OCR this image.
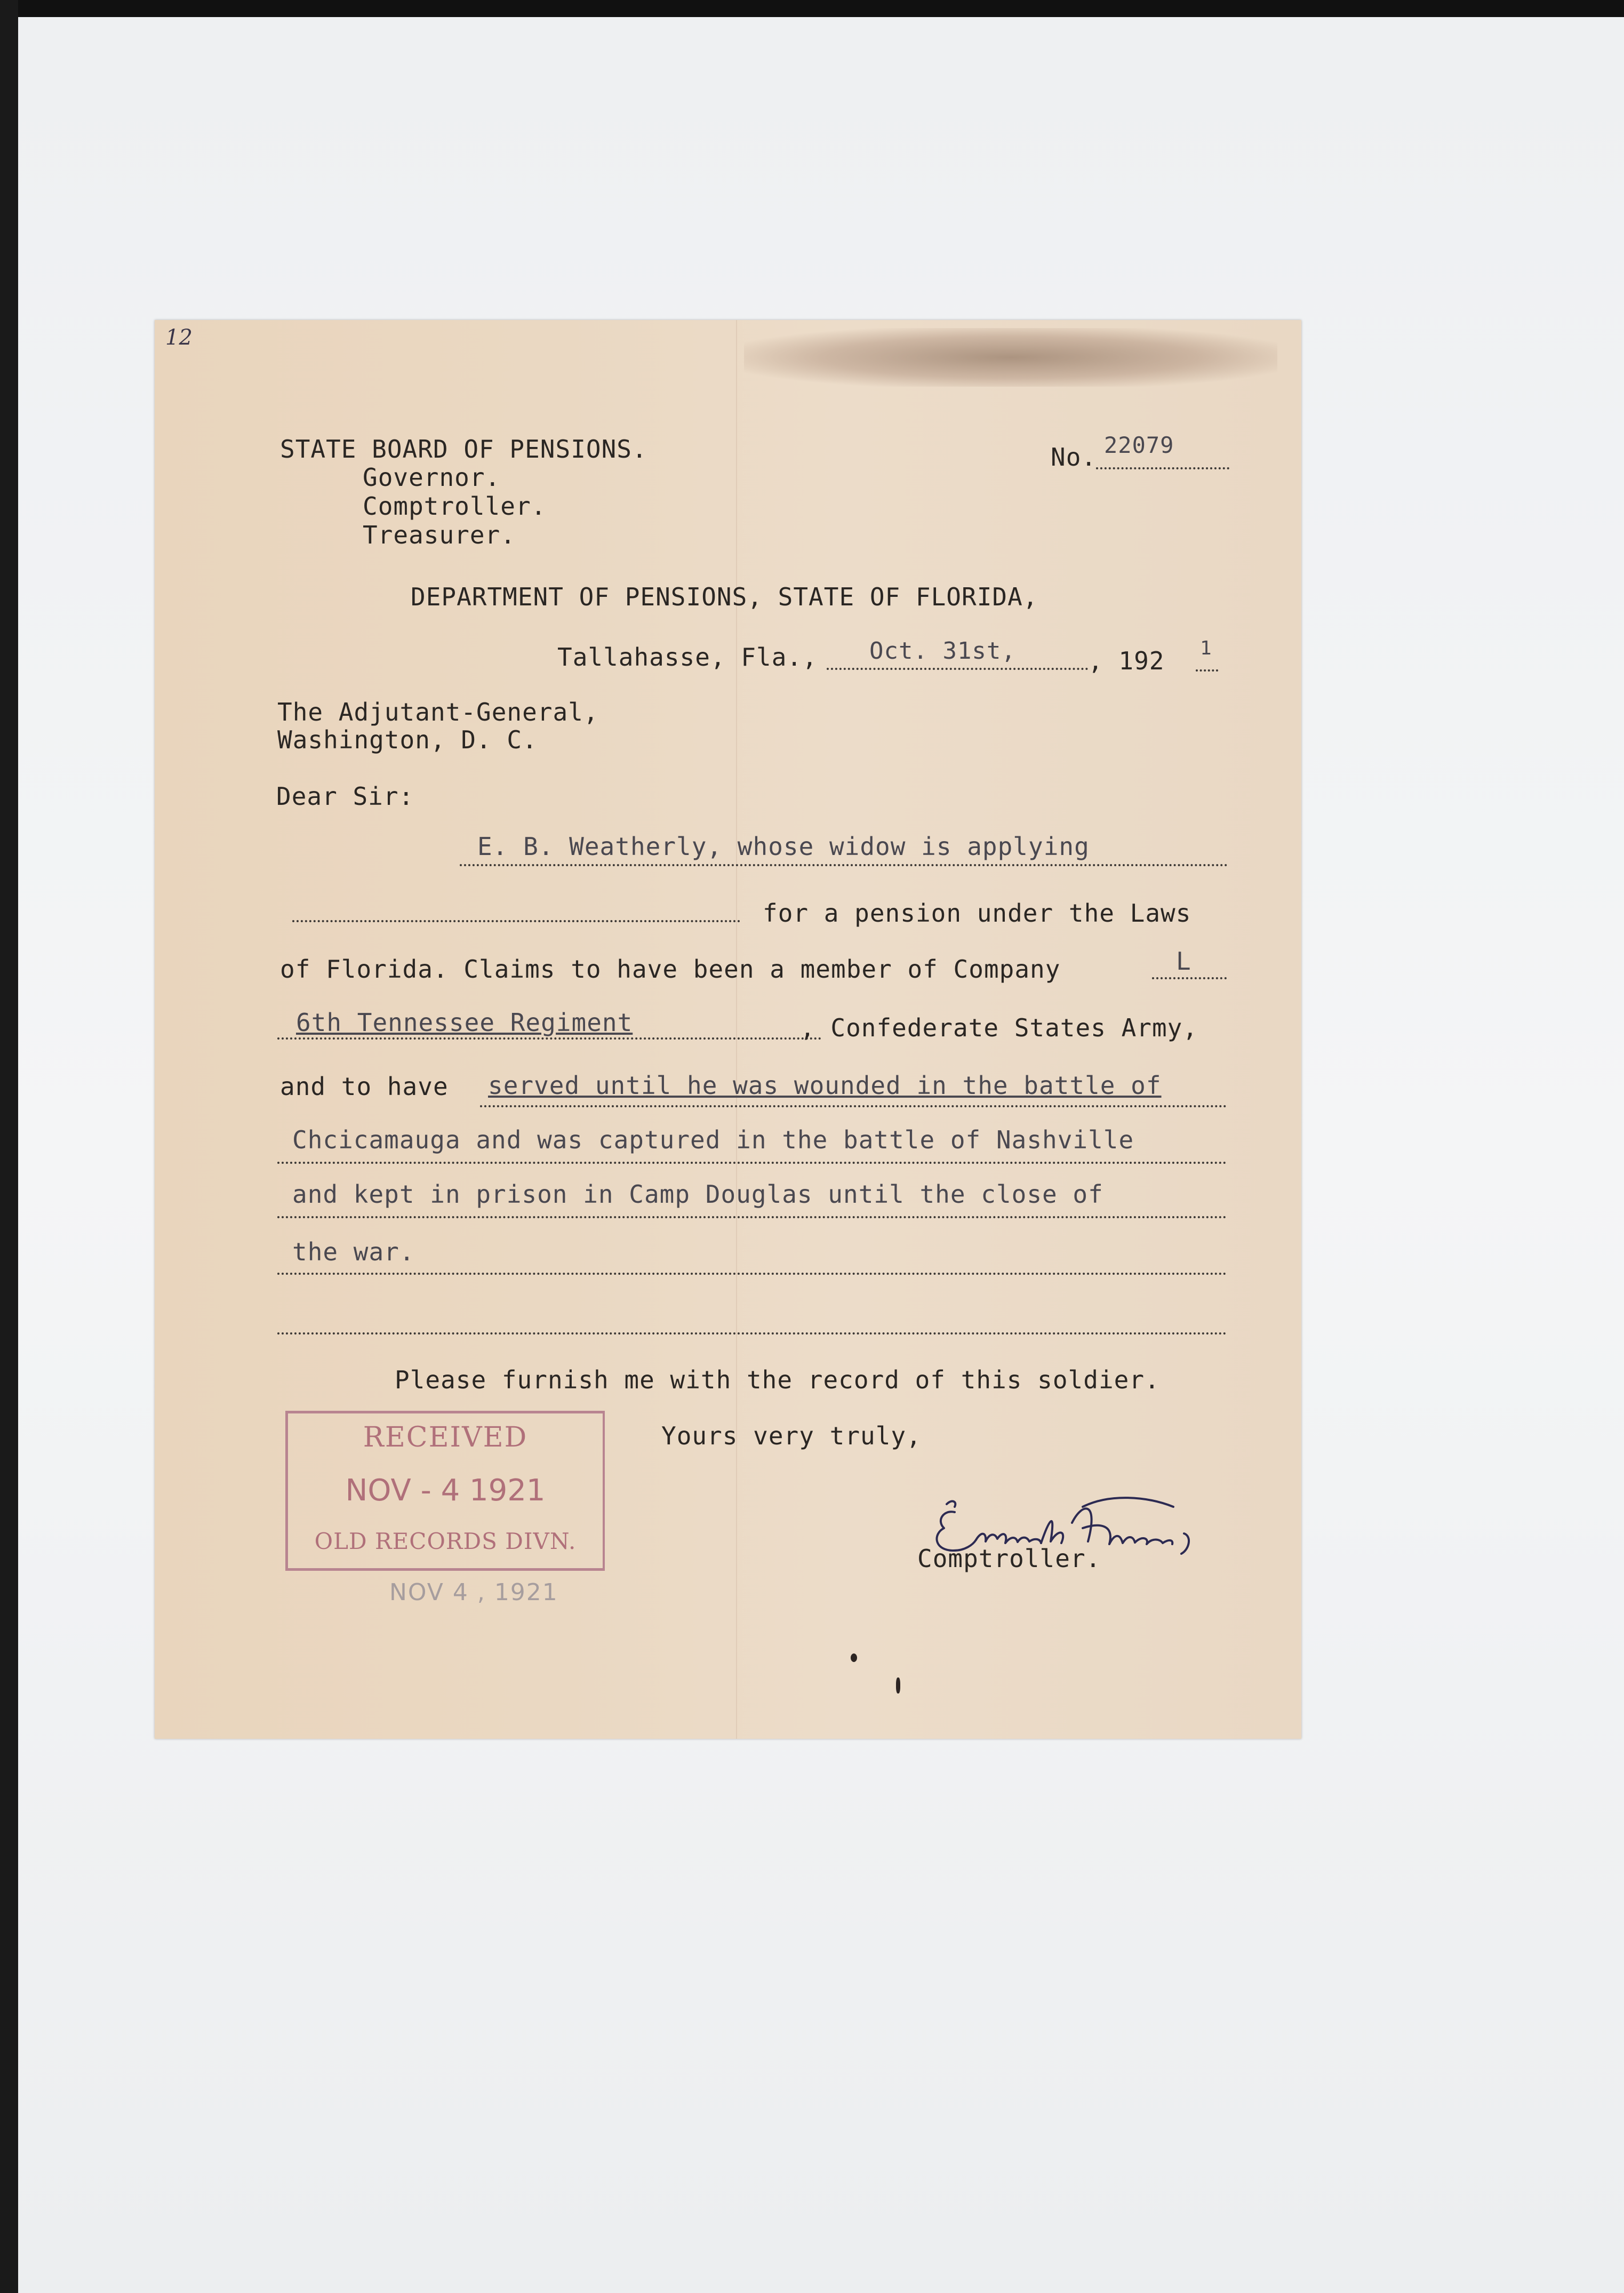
12
STATE BOARD OF PENSIONS.
Governor.
Comptroller.
Treasurer.
No. 22079
DEPARTMENT OF PENSIONS, STATE OF FLORIDA,
Tallahasse, Fla., Oct. 31st,	, 192 1
The Adjutant-General,
Washington, D. C.
Dear Sir:
E. B. Weatherly, whose widow is applying
for a pension under the Laws
of Florida. Claims to have been a member of Company	L
6th Tennessee Regiment	, Confederate States Army,
and to have served until he was wounded in the battle of
Chcicamauga and was captured in the battle of Nashville
and kept in prison in Camp Douglas until the close of
the war.
Please furnish me with the record of this soldier.
Yours very truly,
RECEIVED
NOV - 4 1921
OLD RECORDS DIVN.
NOV 4 , 1921
Comptroller.
